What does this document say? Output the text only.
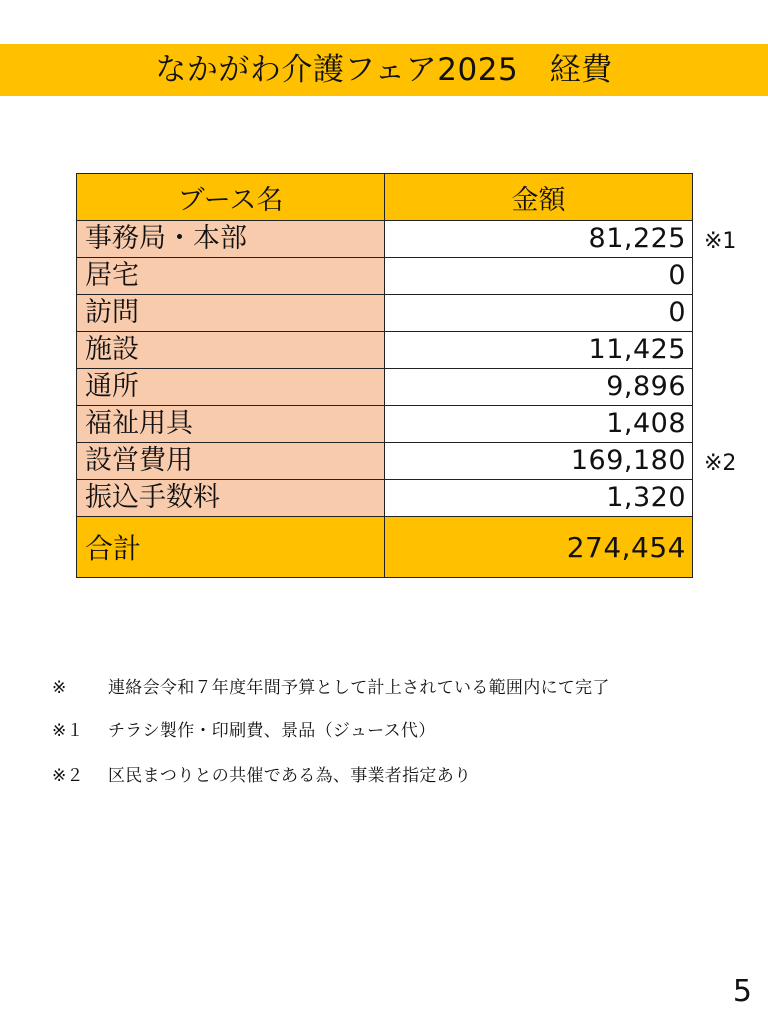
なかがわ介護フェア2025　経費
ブース名	金額
事務局・本部	81,225
居宅	0
訪問	0
施設	11,425
通所	9,896
福祉用具	1,408
設営費用	169,180
振込手数料	1,320
合計	274,454
※1
※2
※ 連絡会令和７年度年間予算として計上されている範囲内にて完了
※１ チラシ製作・印刷費、景品（ジュース代）
※２ 区民まつりとの共催である為、事業者指定あり
5
